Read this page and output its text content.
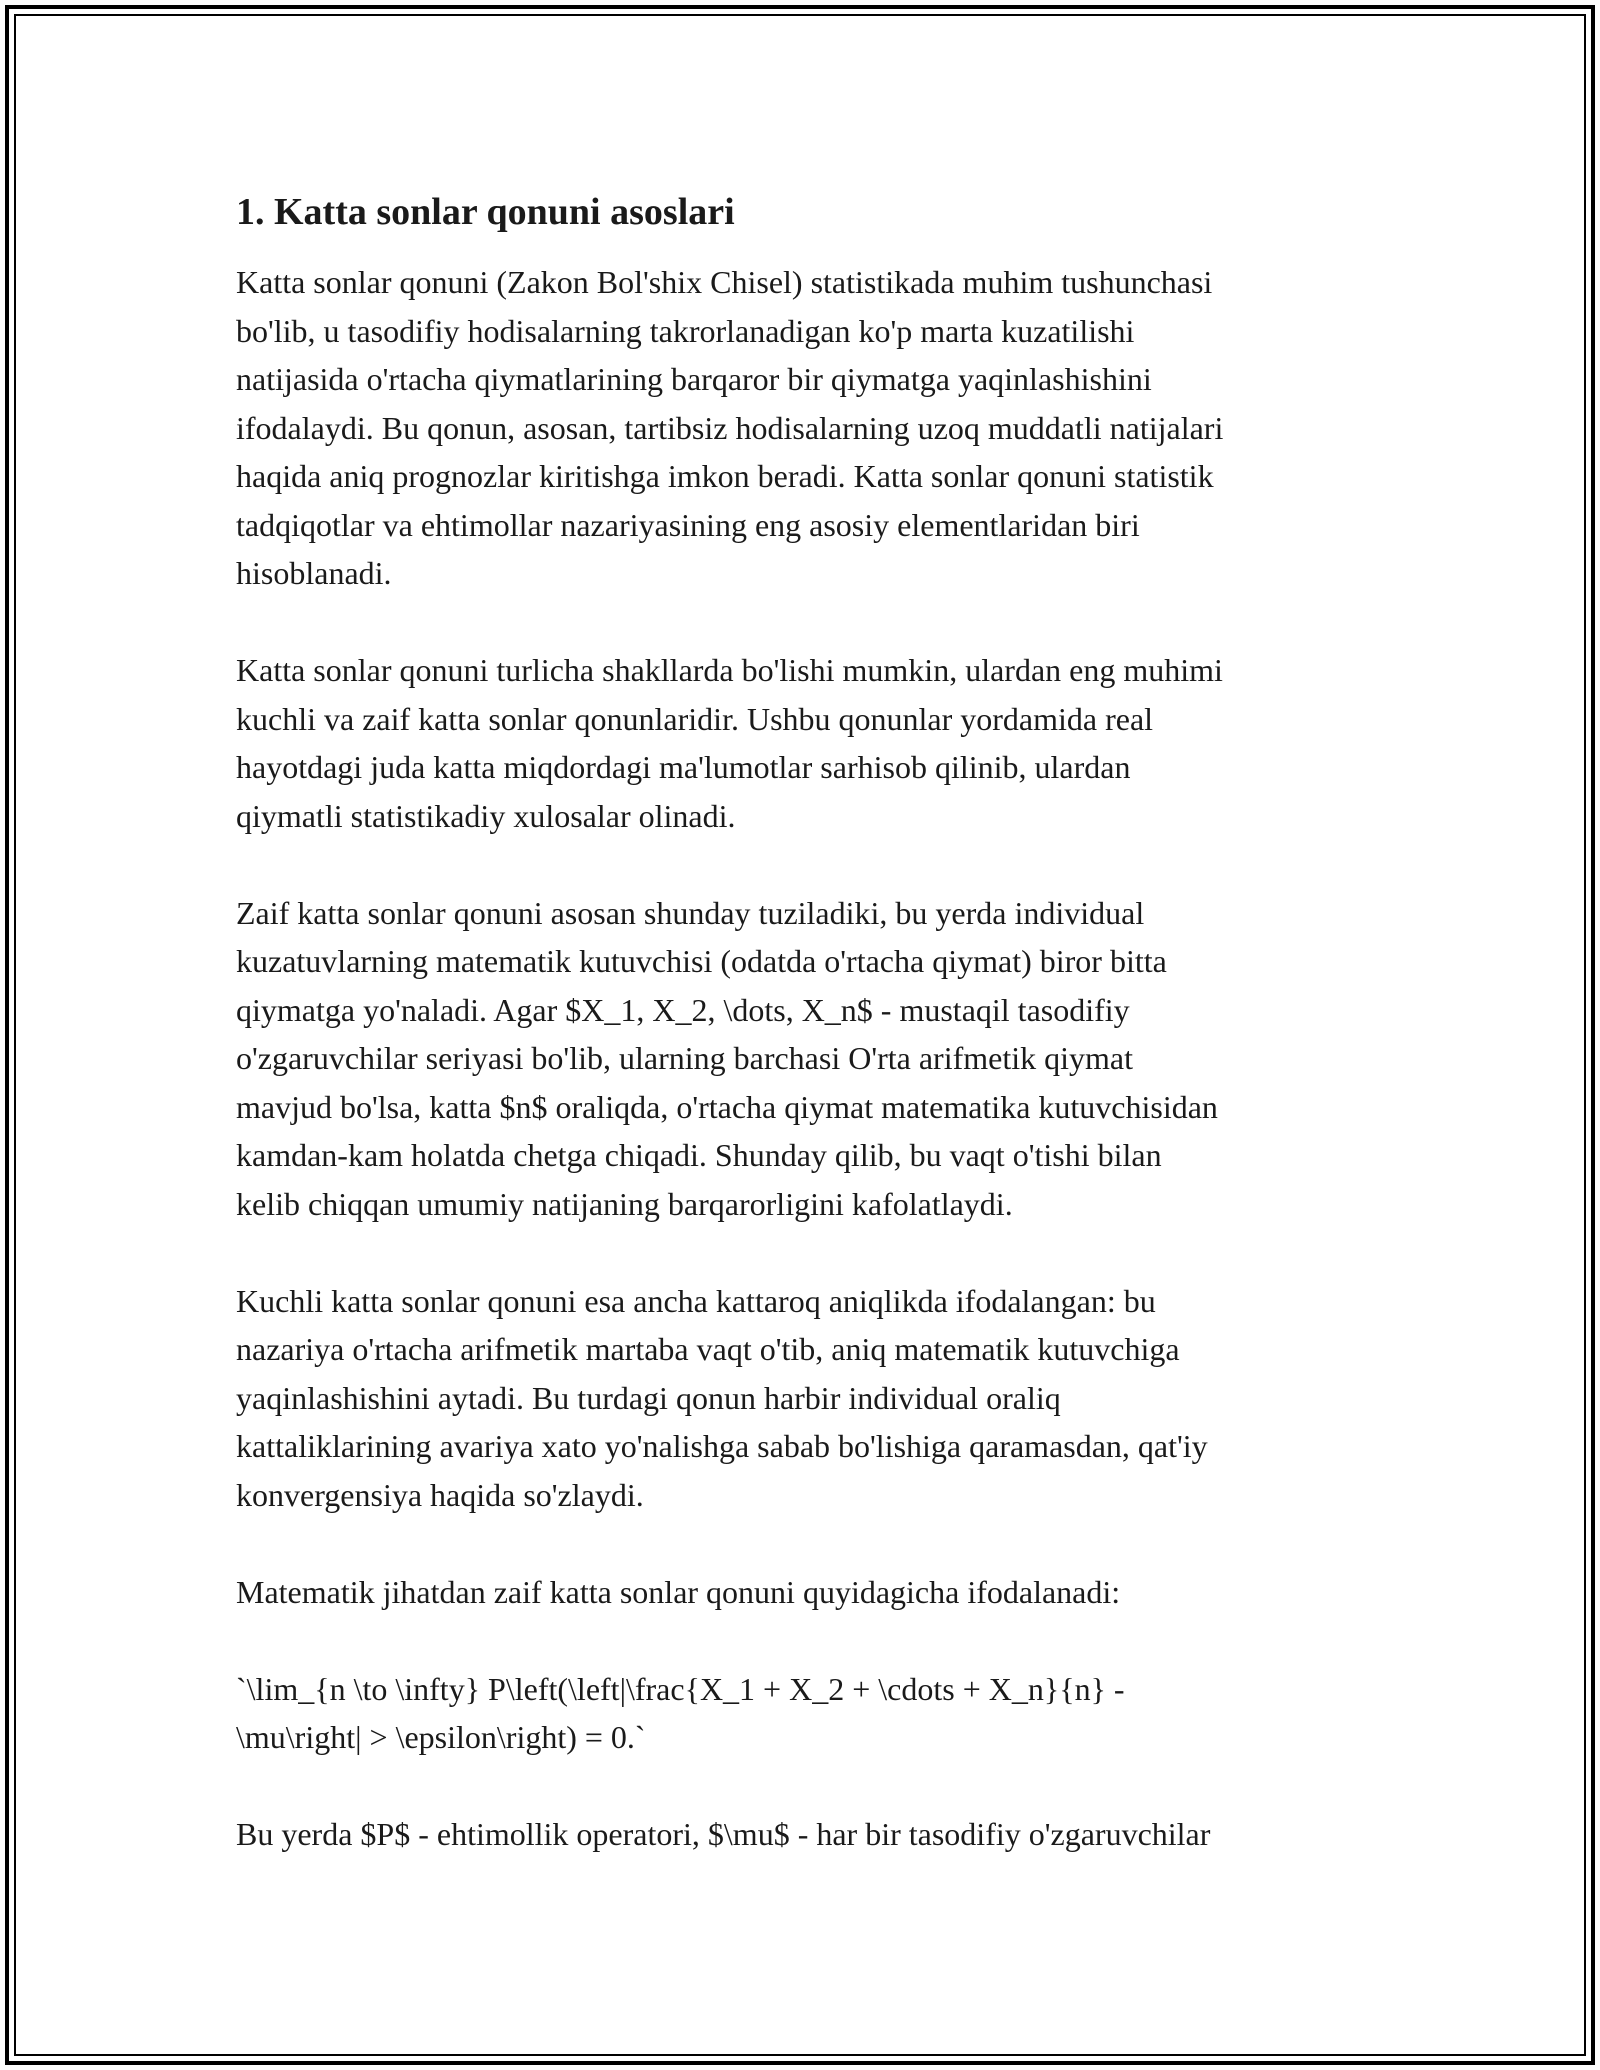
1. Katta sonlar qonuni asoslari

Katta sonlar qonuni (Zakon Bol'shix Chisel) statistikada muhim tushunchasi
bo'lib, u tasodifiy hodisalarning takrorlanadigan ko'p marta kuzatilishi
natijasida o'rtacha qiymatlarining barqaror bir qiymatga yaqinlashishini
ifodalaydi. Bu qonun, asosan, tartibsiz hodisalarning uzoq muddatli natijalari
haqida aniq prognozlar kiritishga imkon beradi. Katta sonlar qonuni statistik
tadqiqotlar va ehtimollar nazariyasining eng asosiy elementlaridan biri
hisoblanadi.

Katta sonlar qonuni turlicha shakllarda bo'lishi mumkin, ulardan eng muhimi
kuchli va zaif katta sonlar qonunlaridir. Ushbu qonunlar yordamida real
hayotdagi juda katta miqdordagi ma'lumotlar sarhisob qilinib, ulardan
qiymatli statistikadiy xulosalar olinadi.

Zaif katta sonlar qonuni asosan shunday tuziladiki, bu yerda individual
kuzatuvlarning matematik kutuvchisi (odatda o'rtacha qiymat) biror bitta
qiymatga yo'naladi. Agar $X_1, X_2, \dots, X_n$ - mustaqil tasodifiy
o'zgaruvchilar seriyasi bo'lib, ularning barchasi O'rta arifmetik qiymat
mavjud bo'lsa, katta $n$ oraliqda, o'rtacha qiymat matematika kutuvchisidan
kamdan-kam holatda chetga chiqadi. Shunday qilib, bu vaqt o'tishi bilan
kelib chiqqan umumiy natijaning barqarorligini kafolatlaydi.

Kuchli katta sonlar qonuni esa ancha kattaroq aniqlikda ifodalangan: bu
nazariya o'rtacha arifmetik martaba vaqt o'tib, aniq matematik kutuvchiga
yaqinlashishini aytadi. Bu turdagi qonun harbir individual oraliq
kattaliklarining avariya xato yo'nalishga sabab bo'lishiga qaramasdan, qat'iy
konvergensiya haqida so'zlaydi.

Matematik jihatdan zaif katta sonlar qonuni quyidagicha ifodalanadi:

`\lim_{n \to \infty} P\left(\left|\frac{X_1 + X_2 + \cdots + X_n}{n} -
\mu\right| > \epsilon\right) = 0.`

Bu yerda $P$ - ehtimollik operatori, $\mu$ - har bir tasodifiy o'zgaruvchilar
